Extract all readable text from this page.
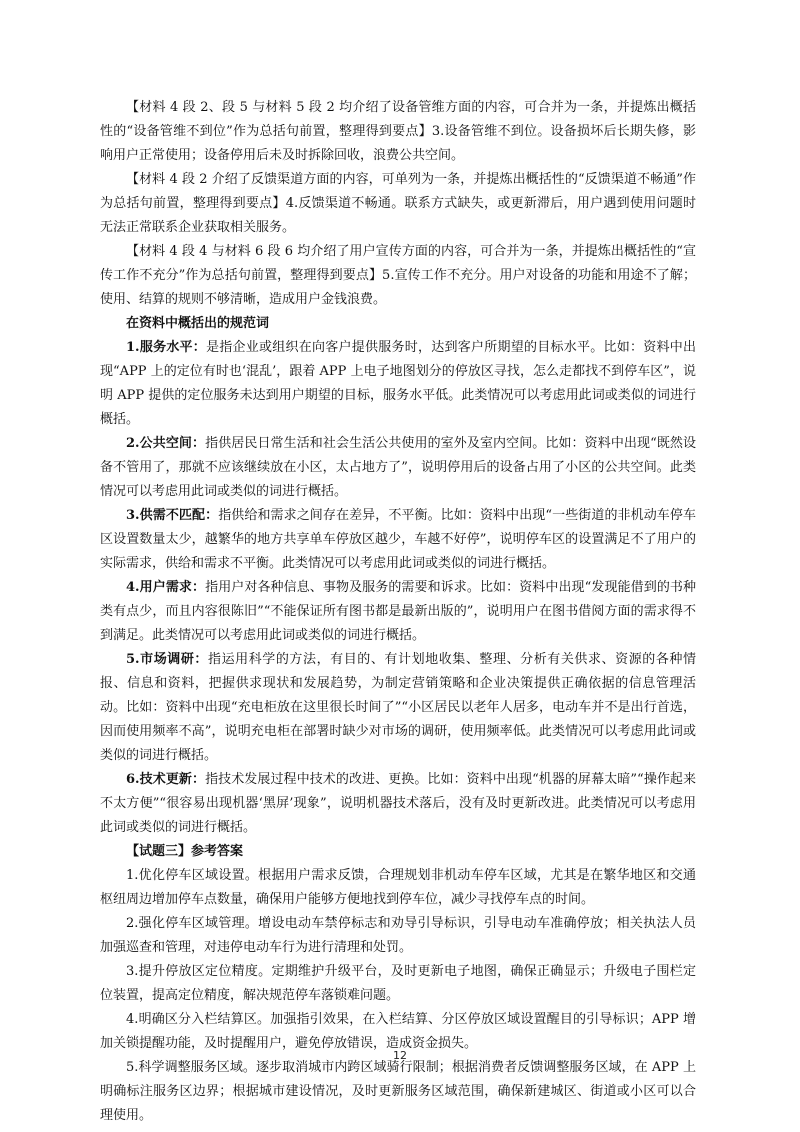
【材料 4 段 2、段 5 与材料 5 段 2 均介绍了设备管维方面的内容，可合并为一条，并提炼出概括性的“设备管维不到位”作为总括句前置，整理得到要点】3.设备管维不到位。设备损坏后长期失修，影响用户正常使用；设备停用后未及时拆除回收，浪费公共空间。

【材料 4 段 2 介绍了反馈渠道方面的内容，可单列为一条，并提炼出概括性的“反馈渠道不畅通”作为总括句前置，整理得到要点】4.反馈渠道不畅通。联系方式缺失，或更新滞后，用户遇到使用问题时无法正常联系企业获取相关服务。

【材料 4 段 4 与材料 6 段 6 均介绍了用户宣传方面的内容，可合并为一条，并提炼出概括性的“宣传工作不充分”作为总括句前置，整理得到要点】5.宣传工作不充分。用户对设备的功能和用途不了解；使用、结算的规则不够清晰，造成用户金钱浪费。

在资料中概括出的规范词

1.服务水平：是指企业或组织在向客户提供服务时，达到客户所期望的目标水平。比如：资料中出现“APP 上的定位有时也‘混乱’，跟着 APP 上电子地图划分的停放区寻找，怎么走都找不到停车区”，说明 APP 提供的定位服务未达到用户期望的目标，服务水平低。此类情况可以考虑用此词或类似的词进行概括。

2.公共空间：指供居民日常生活和社会生活公共使用的室外及室内空间。比如：资料中出现“既然设备不管用了，那就不应该继续放在小区，太占地方了”，说明停用后的设备占用了小区的公共空间。此类情况可以考虑用此词或类似的词进行概括。

3.供需不匹配：指供给和需求之间存在差异，不平衡。比如：资料中出现“一些街道的非机动车停车区设置数量太少，越繁华的地方共享单车停放区越少，车越不好停”，说明停车区的设置满足不了用户的实际需求，供给和需求不平衡。此类情况可以考虑用此词或类似的词进行概括。

4.用户需求：指用户对各种信息、事物及服务的需要和诉求。比如：资料中出现“发现能借到的书种类有点少，而且内容很陈旧”“不能保证所有图书都是最新出版的”，说明用户在图书借阅方面的需求得不到满足。此类情况可以考虑用此词或类似的词进行概括。

5.市场调研：指运用科学的方法，有目的、有计划地收集、整理、分析有关供求、资源的各种情报、信息和资料，把握供求现状和发展趋势，为制定营销策略和企业决策提供正确依据的信息管理活动。比如：资料中出现“充电柜放在这里很长时间了”“小区居民以老年人居多，电动车并不是出行首选，因而使用频率不高”，说明充电柜在部署时缺少对市场的调研，使用频率低。此类情况可以考虑用此词或类似的词进行概括。

6.技术更新：指技术发展过程中技术的改进、更换。比如：资料中出现“机器的屏幕太暗”“操作起来不太方便”“很容易出现机器‘黑屏’现象”，说明机器技术落后，没有及时更新改进。此类情况可以考虑用此词或类似的词进行概括。

【试题三】参考答案

1.优化停车区域设置。根据用户需求反馈，合理规划非机动车停车区域，尤其是在繁华地区和交通枢纽周边增加停车点数量，确保用户能够方便地找到停车位，减少寻找停车点的时间。

2.强化停车区域管理。增设电动车禁停标志和劝导引导标识，引导电动车准确停放；相关执法人员加强巡查和管理，对违停电动车行为进行清理和处罚。

3.提升停放区定位精度。定期维护升级平台，及时更新电子地图，确保正确显示；升级电子围栏定位装置，提高定位精度，解决规范停车落锁难问题。

4.明确区分入栏结算区。加强指引效果，在入栏结算、分区停放区域设置醒目的引导标识；APP 增加关锁提醒功能，及时提醒用户，避免停放错误，造成资金损失。

5.科学调整服务区域。逐步取消城市内跨区域骑行限制；根据消费者反馈调整服务区域，在 APP 上明确标注服务区边界；根据城市建设情况，及时更新服务区域范围，确保新建城区、街道或小区可以合理使用。

12
